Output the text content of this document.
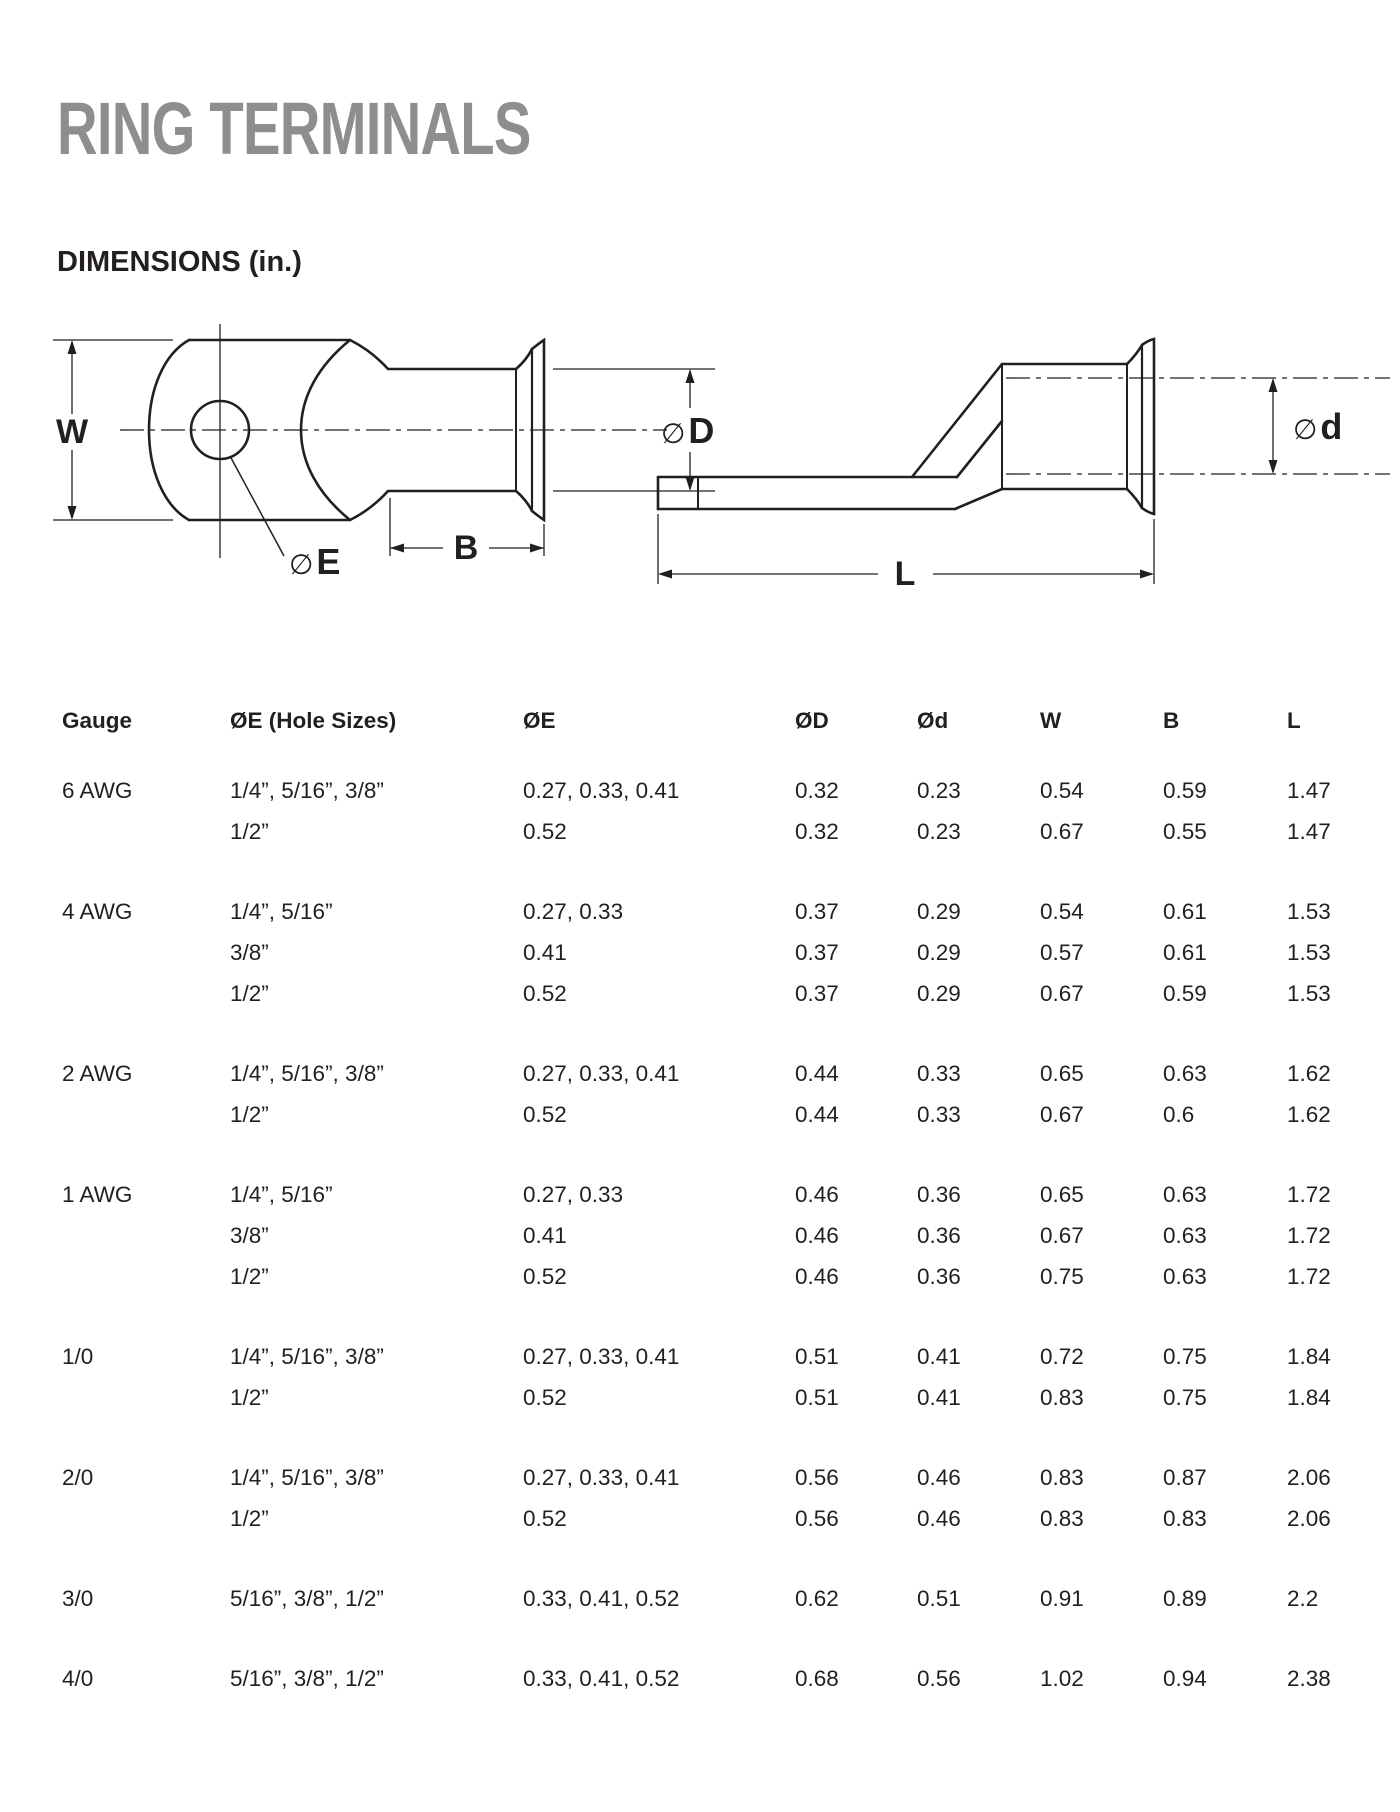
RING TERMINALS
DIMENSIONS (in.)
W
B
∅E
∅D	∅d
L
Gauge	ØE (Hole Sizes)	ØE	ØD	Ød	W	B	L
6 AWG	1/4”, 5/16”, 3/8”	0.27, 0.33, 0.41	0.32	0.23	0.54	0.59	1.47
1/2”	0.52	0.32	0.23	0.67	0.55	1.47
4 AWG	1/4”, 5/16”	0.27, 0.33	0.37	0.29	0.54	0.61	1.53
3/8”	0.41	0.37	0.29	0.57	0.61	1.53
1/2”	0.52	0.37	0.29	0.67	0.59	1.53
2 AWG	1/4”, 5/16”, 3/8”	0.27, 0.33, 0.41	0.44	0.33	0.65	0.63	1.62
1/2”	0.52	0.44	0.33	0.67	0.6	1.62
1 AWG	1/4”, 5/16”	0.27, 0.33	0.46	0.36	0.65	0.63	1.72
3/8”	0.41	0.46	0.36	0.67	0.63	1.72
1/2”	0.52	0.46	0.36	0.75	0.63	1.72
1/0	1/4”, 5/16”, 3/8”	0.27, 0.33, 0.41	0.51	0.41	0.72	0.75	1.84
1/2”	0.52	0.51	0.41	0.83	0.75	1.84
2/0	1/4”, 5/16”, 3/8”	0.27, 0.33, 0.41	0.56	0.46	0.83	0.87	2.06
1/2”	0.52	0.56	0.46	0.83	0.83	2.06
3/0	5/16”, 3/8”, 1/2”	0.33, 0.41, 0.52	0.62	0.51	0.91	0.89	2.2
4/0	5/16”, 3/8”, 1/2”	0.33, 0.41, 0.52	0.68	0.56	1.02	0.94	2.38
